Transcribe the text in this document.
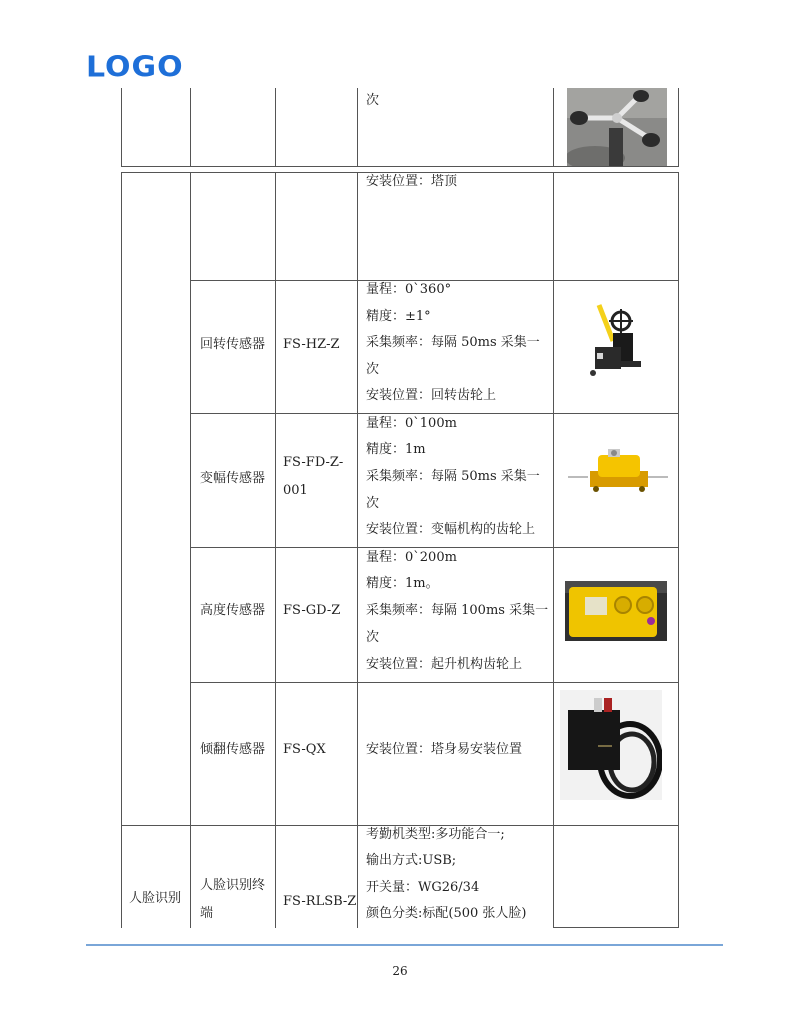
LOGO
次
安装位置：塔顶
回转传感器 FS-HZ-Z
量程：0`360°
精度：±1°
采集频率：每隔 50ms 采集一
次
安装位置：回转齿轮上
变幅传感器
FS-FD-Z-
001
量程：0`100m
精度：1m
采集频率：每隔 50ms 采集一
次
安装位置：变幅机构的齿轮上
高度传感器 FS-GD-Z
量程：0`200m
精度：1m。
采集频率：每隔 100ms 采集一
次
安装位置：起升机构齿轮上
倾翻传感器 FS-QX	安装位置：塔身易安装位置
人脸识别
人脸识别终
端
FS-RLSB-Z
考勤机类型:多功能合一;
输出方式:USB;
开关量：WG26/34
颜色分类:标配(500 张人脸)
26
